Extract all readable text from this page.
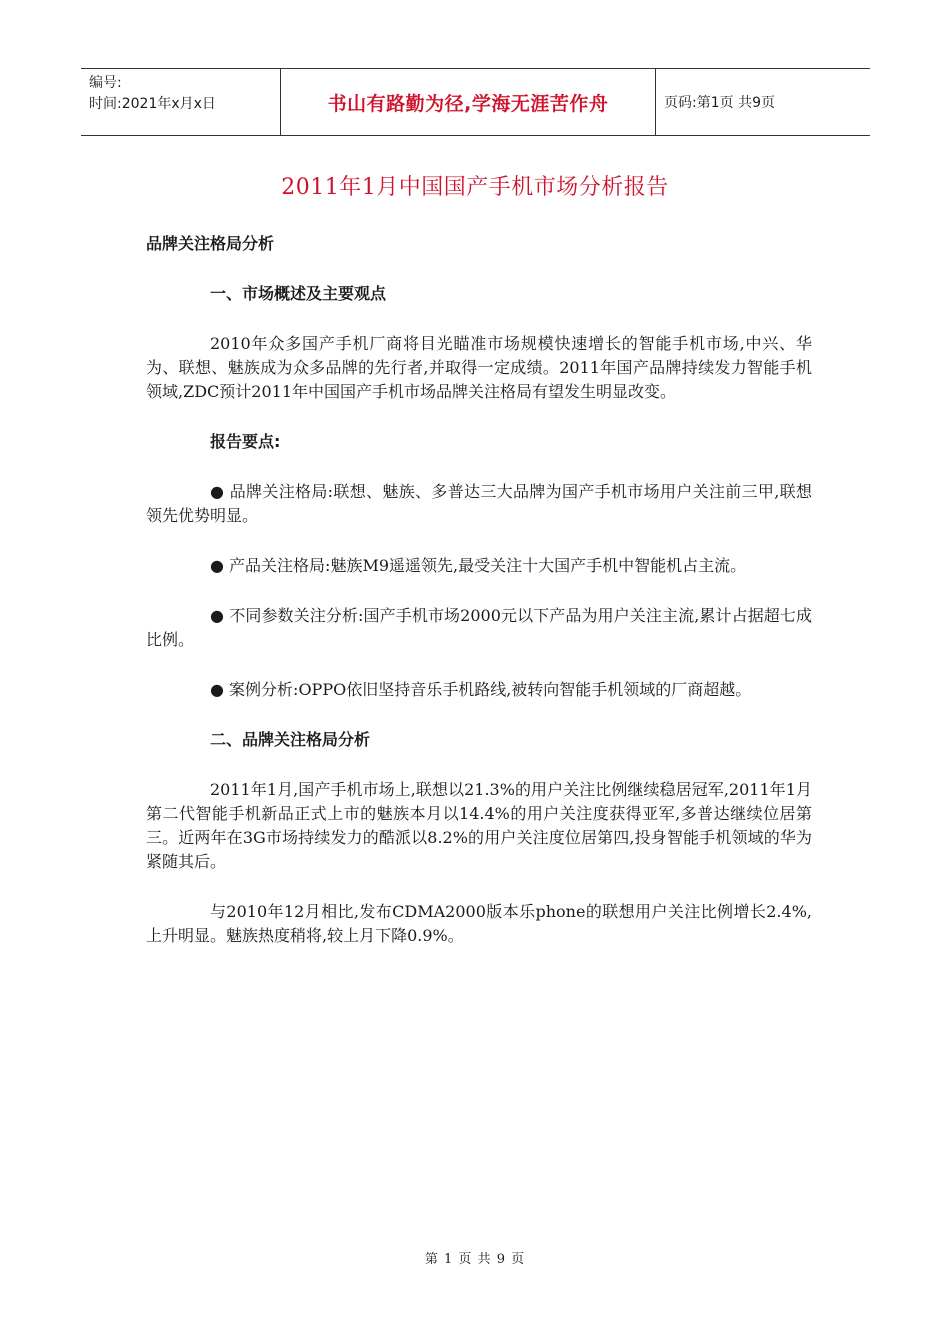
编号:
时间:2021年x月x日	书山有路勤为径,学海无涯苦作舟	页码:第1页 共9页
2011年1月中国国产手机市场分析报告

品牌关注格局分析

一、市场概述及主要观点

2010年众多国产手机厂商将目光瞄准市场规模快速增长的智能手机市场,中兴、华为、联想、魅族成为众多品牌的先行者,并取得一定成绩。2011年国产品牌持续发力智能手机领域,ZDC预计2011年中国国产手机市场品牌关注格局有望发生明显改变。

报告要点:

● 品牌关注格局:联想、魅族、多普达三大品牌为国产手机市场用户关注前三甲,联想领先优势明显。

● 产品关注格局:魅族M9遥遥领先,最受关注十大国产手机中智能机占主流。

● 不同参数关注分析:国产手机市场2000元以下产品为用户关注主流,累计占据超七成比例。

● 案例分析:OPPO依旧坚持音乐手机路线,被转向智能手机领域的厂商超越。

二、品牌关注格局分析

2011年1月,国产手机市场上,联想以21.3%的用户关注比例继续稳居冠军,2011年1月第二代智能手机新品正式上市的魅族本月以14.4%的用户关注度获得亚军,多普达继续位居第三。近两年在3G市场持续发力的酷派以8.2%的用户关注度位居第四,投身智能手机领域的华为紧随其后。

与2010年12月相比,发布CDMA2000版本乐phone的联想用户关注比例增长2.4%,上升明显。魅族热度稍将,较上月下降0.9%。

第 1 页 共 9 页
